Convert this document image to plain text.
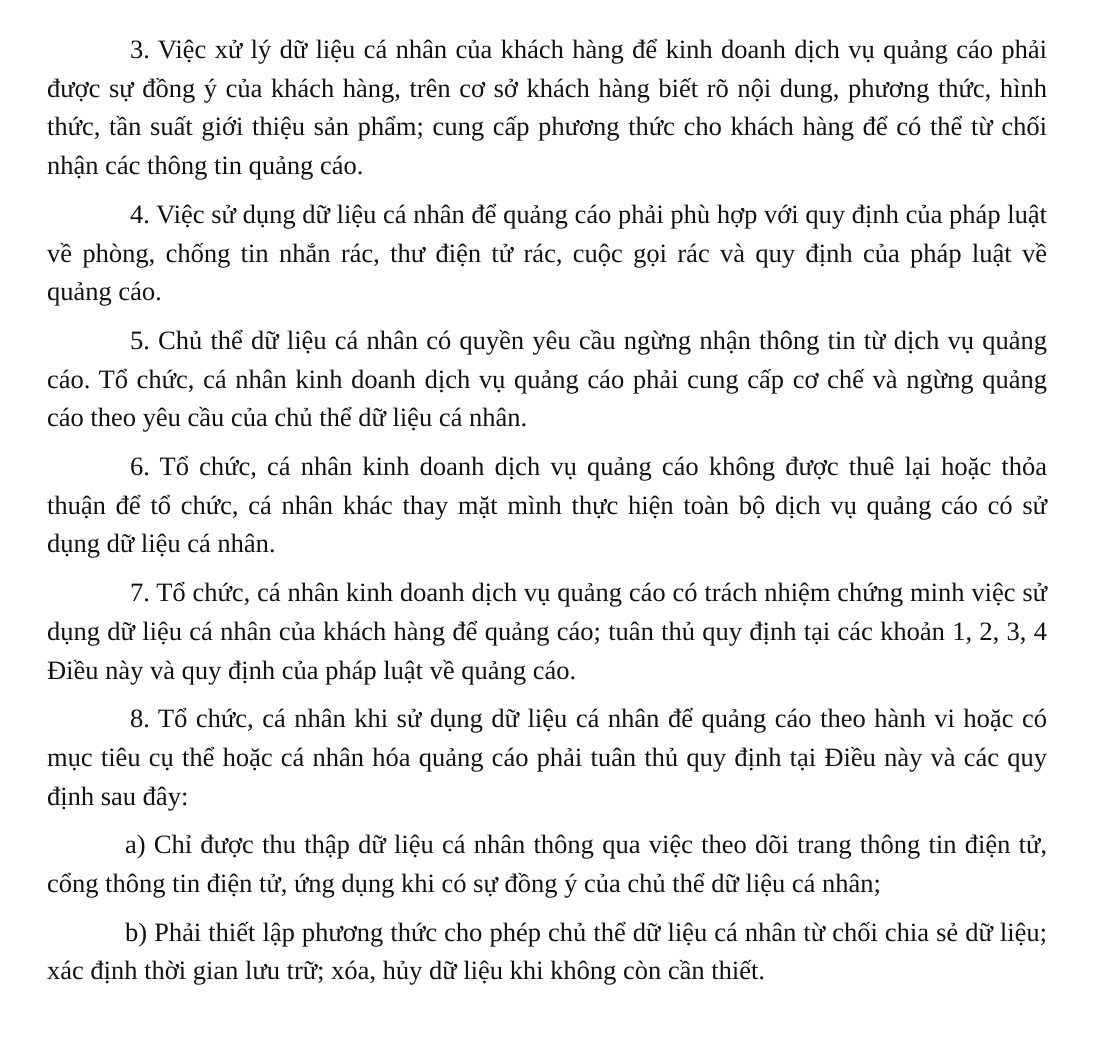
3. Việc xử lý dữ liệu cá nhân của khách hàng để kinh doanh dịch vụ quảng cáo phải được sự đồng ý của khách hàng, trên cơ sở khách hàng biết rõ nội dung, phương thức, hình thức, tần suất giới thiệu sản phẩm; cung cấp phương thức cho khách hàng để có thể từ chối nhận các thông tin quảng cáo.

4. Việc sử dụng dữ liệu cá nhân để quảng cáo phải phù hợp với quy định của pháp luật về phòng, chống tin nhắn rác, thư điện tử rác, cuộc gọi rác và quy định của pháp luật về quảng cáo.

5. Chủ thể dữ liệu cá nhân có quyền yêu cầu ngừng nhận thông tin từ dịch vụ quảng cáo. Tổ chức, cá nhân kinh doanh dịch vụ quảng cáo phải cung cấp cơ chế và ngừng quảng cáo theo yêu cầu của chủ thể dữ liệu cá nhân.

6. Tổ chức, cá nhân kinh doanh dịch vụ quảng cáo không được thuê lại hoặc thỏa thuận để tổ chức, cá nhân khác thay mặt mình thực hiện toàn bộ dịch vụ quảng cáo có sử dụng dữ liệu cá nhân.

7. Tổ chức, cá nhân kinh doanh dịch vụ quảng cáo có trách nhiệm chứng minh việc sử dụng dữ liệu cá nhân của khách hàng để quảng cáo; tuân thủ quy định tại các khoản 1, 2, 3, 4 Điều này và quy định của pháp luật về quảng cáo.

8. Tổ chức, cá nhân khi sử dụng dữ liệu cá nhân để quảng cáo theo hành vi hoặc có mục tiêu cụ thể hoặc cá nhân hóa quảng cáo phải tuân thủ quy định tại Điều này và các quy định sau đây:

a) Chỉ được thu thập dữ liệu cá nhân thông qua việc theo dõi trang thông tin điện tử, cổng thông tin điện tử, ứng dụng khi có sự đồng ý của chủ thể dữ liệu cá nhân;

b) Phải thiết lập phương thức cho phép chủ thể dữ liệu cá nhân từ chối chia sẻ dữ liệu; xác định thời gian lưu trữ; xóa, hủy dữ liệu khi không còn cần thiết.
